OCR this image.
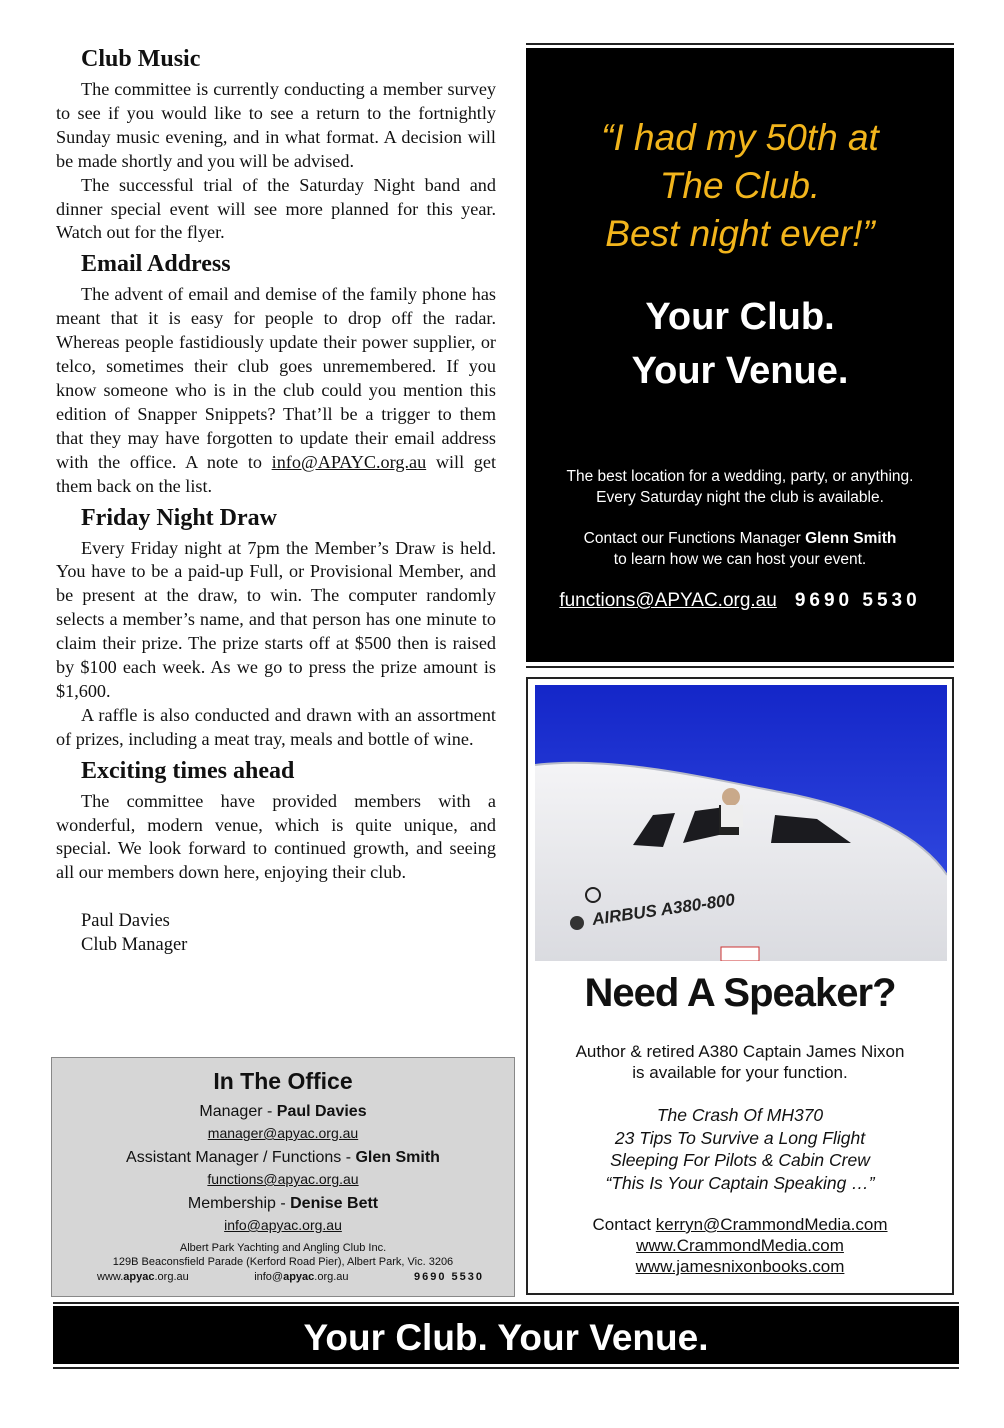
Club Music

The committee is currently conducting a member survey to see if you would like to see a return to the fortnightly Sunday music evening, and in what format. A decision will be made shortly and you will be advised.

The successful trial of the Saturday Night band and dinner special event will see more planned for this year. Watch out for the flyer.

Email Address

The advent of email and demise of the family phone has meant that it is easy for people to drop off the radar. Whereas people fastidiously update their power supplier, or telco, sometimes their club goes unremembered. If you know someone who is in the club could you mention this edition of Snapper Snippets? That’ll be a trigger to them that they may have forgotten to update their email address with the office. A note to info@APAYC.org.au will get them back on the list.

Friday Night Draw

Every Friday night at 7pm the Member’s Draw is held. You have to be a paid-up Full, or Provisional Member, and be present at the draw, to win. The computer randomly selects a member’s name, and that person has one minute to claim their prize. The prize starts off at $500 then is raised by $100 each week. As we go to press the prize amount is $1,600.

A raffle is also conducted and drawn with an assortment of prizes, including a meat tray, meals and bottle of wine.

Exciting times ahead

The committee have provided members with a wonderful, modern venue, which is quite unique, and special. We look forward to continued growth, and seeing all our members down here, enjoying their club.

Paul Davies
Club Manager
In The Office
Manager - Paul Davies
manager@apyac.org.au
Assistant Manager / Functions - Glen Smith
functions@apyac.org.au
Membership - Denise Bett
info@apyac.org.au
Albert Park Yachting and Angling Club Inc.
129B Beaconsfield Parade (Kerford Road Pier), Albert Park, Vic. 3206
www.apyac.org.au	info@apyac.org.au	9690 5530
“I had my 50th at
The Club.
Best night ever!”
Your Club.
Your Venue.
The best location for a wedding, party, or anything.
Every Saturday night the club is available.
Contact our Functions Manager Glenn Smith
to learn how we can host your event.
functions@APYAC.org.au 9690 5530
AIRBUS A380-800
Need A Speaker?
Author & retired A380 Captain James Nixon
is available for your function.
The Crash Of MH370
23 Tips To Survive a Long Flight
Sleeping For Pilots & Cabin Crew
“This Is Your Captain Speaking …”
Contact kerryn@CrammondMedia.com
www.CrammondMedia.com
www.jamesnixonbooks.com
Your Club. Your Venue.
